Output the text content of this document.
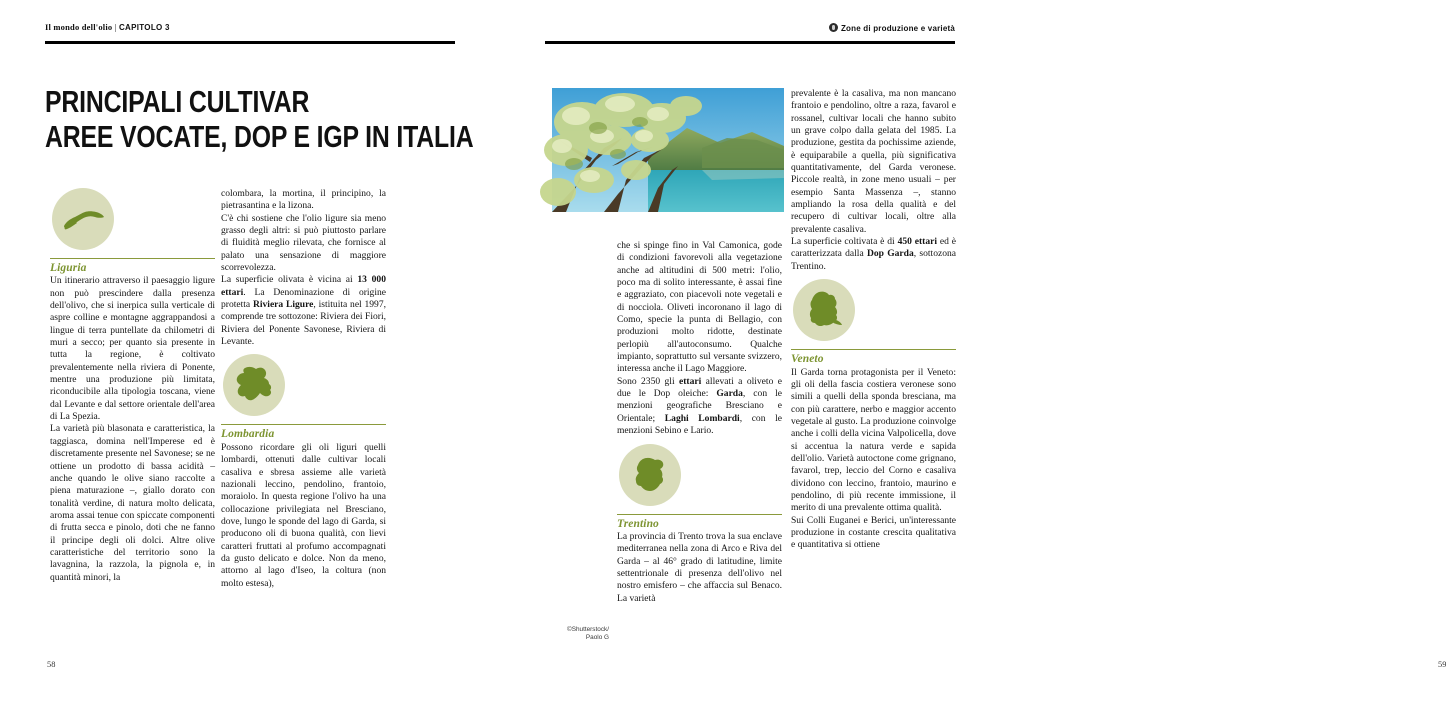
Il mondo dell'olio | CAPITOLO 3
PRINCIPALI CULTIVAR
AREE VOCATE, DOP E IGP IN ITALIA
Liguria

Un itinerario attraverso il paesaggio ligure non può prescindere dalla presenza dell'olivo, che si inerpica sulla verticale di aspre colline e montagne aggrappandosi a lingue di terra puntellate da chilometri di muri a secco; per quanto sia presente in tutta la regione, è coltivato prevalentemente nella riviera di Ponente, mentre una produzione più limitata, riconducibile alla tipologia toscana, viene dal Levante e dal settore orientale dell'area di La Spezia.

La varietà più blasonata e caratteristica, la taggiasca, domina nell'Imperese ed è discretamente presente nel Savonese; se ne ottiene un prodotto di bassa acidità – anche quando le olive siano raccolte a piena maturazione –, giallo dorato con tonalità verdine, di natura molto delicata, aroma assai tenue con spiccate componenti di frutta secca e pinolo, doti che ne fanno il principe degli oli dolci. Altre olive caratteristiche del territorio sono la lavagnina, la razzola, la pignola e, in quantità minori, la

colombara, la mortina, il principino, la pietrasantina e la lizona.

C'è chi sostiene che l'olio ligure sia meno grasso degli altri: si può piuttosto parlare di fluidità meglio rilevata, che fornisce al palato una sensazione di maggiore scorrevolezza.

La superficie olivata è vicina ai 13 000 ettari. La Denominazione di origine protetta Riviera Ligure, istituita nel 1997, comprende tre sottozone: Riviera dei Fiori, Riviera del Ponente Savonese, Riviera di Levante.

Lombardia

Possono ricordare gli oli liguri quelli lombardi, ottenuti dalle cultivar locali casaliva e sbresa assieme alle varietà nazionali leccino, pendolino, frantoio, moraiolo. In questa regione l'olivo ha una collocazione privilegiata nel Bresciano, dove, lungo le sponde del lago di Garda, si producono oli di buona qualità, con lievi caratteri fruttati al profumo accompagnati da gusto delicato e dolce. Non da meno, attorno al lago d'Iseo, la coltura (non molto estesa),

58
Zone di produzione e varietà
59
©Shutterstock/
Paolo G

che si spinge fino in Val Camonica, gode di condizioni favorevoli alla vegetazione anche ad altitudini di 500 metri: l'olio, poco ma di solito interessante, è assai fine e aggraziato, con piacevoli note vegetali e di nocciola. Oliveti incoronano il lago di Como, specie la punta di Bellagio, con produzioni molto ridotte, destinate perlopiù all'autoconsumo. Qualche impianto, soprattutto sul versante svizzero, interessa anche il Lago Maggiore.

Sono 2350 gli ettari allevati a oliveto e due le Dop oleiche: Garda, con le menzioni geografiche Bresciano e Orientale; Laghi Lombardi, con le menzioni Sebino e Lario.

Trentino

La provincia di Trento trova la sua enclave mediterranea nella zona di Arco e Riva del Garda – al 46° grado di latitudine, limite settentrionale di presenza dell'olivo nel nostro emisfero – che affaccia sul Benaco. La varietà

prevalente è la casaliva, ma non mancano frantoio e pendolino, oltre a raza, favarol e rossanel, cultivar locali che hanno subito un grave colpo dalla gelata del 1985. La produzione, gestita da pochissime aziende, è equiparabile a quella, più significativa quantitativamente, del Garda veronese. Piccole realtà, in zone meno usuali – per esempio Santa Massenza –, stanno ampliando la rosa della qualità e del recupero di cultivar locali, oltre alla prevalente casaliva.

La superficie coltivata è di 450 ettari ed è caratterizzata dalla Dop Garda, sottozona Trentino.

Veneto

Il Garda torna protagonista per il Veneto: gli oli della fascia costiera veronese sono simili a quelli della sponda bresciana, ma con più carattere, nerbo e maggior accento vegetale al gusto. La produzione coinvolge anche i colli della vicina Valpolicella, dove si accentua la natura verde e sapida dell'olio. Varietà autoctone come grignano, favarol, trep, leccio del Corno e casaliva dividono con leccino, frantoio, maurino e pendolino, di più recente immissione, il merito di una prevalente ottima qualità.

Sui Colli Euganei e Berici, un'interessante produzione in costante crescita qualitativa e quantitativa si ottiene
